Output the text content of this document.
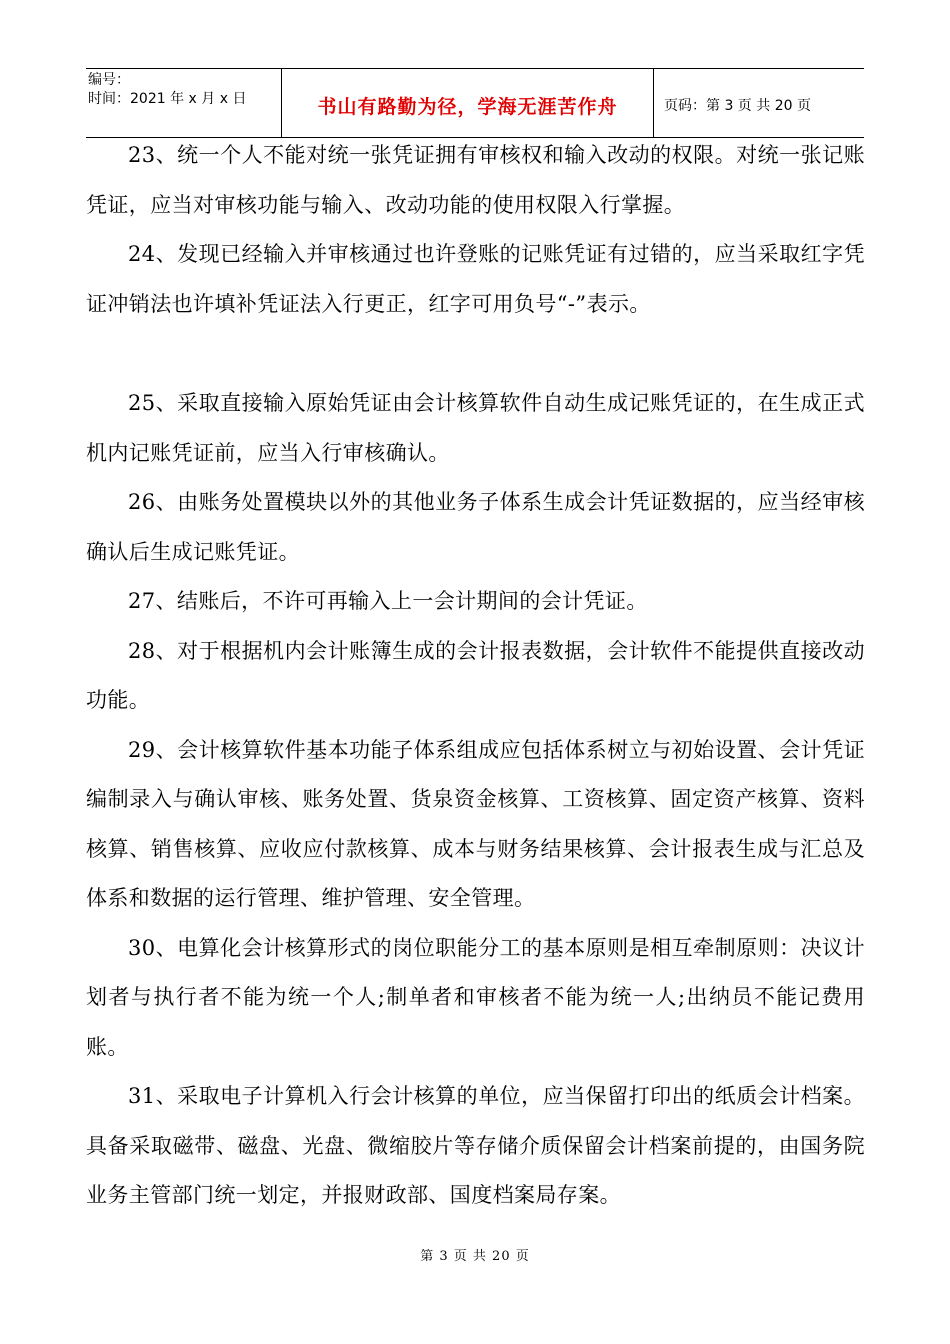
编号：
时间：2021 年 x 月 x 日	书山有路勤为径，学海无涯苦作舟	页码：第 3 页 共 20 页

23、统一个人不能对统一张凭证拥有审核权和输入改动的权限。对统一张记账凭证，应当对审核功能与输入、改动功能的使用权限入行掌握。

24、发现已经输入并审核通过也许登账的记账凭证有过错的，应当采取红字凭证冲销法也许填补凭证法入行更正，红字可用负号“-”表示。

25、采取直接输入原始凭证由会计核算软件自动生成记账凭证的，在生成正式机内记账凭证前，应当入行审核确认。

26、由账务处置模块以外的其他业务子体系生成会计凭证数据的，应当经审核确认后生成记账凭证。

27、结账后，不许可再输入上一会计期间的会计凭证。

28、对于根据机内会计账簿生成的会计报表数据，会计软件不能提供直接改动功能。

29、会计核算软件基本功能子体系组成应包括体系树立与初始设置、会计凭证编制录入与确认审核、账务处置、货泉资金核算、工资核算、固定资产核算、资料核算、销售核算、应收应付款核算、成本与财务结果核算、会计报表生成与汇总及体系和数据的运行管理、维护管理、安全管理。

30、电算化会计核算形式的岗位职能分工的基本原则是相互牵制原则：决议计划者与执行者不能为统一个人;制单者和审核者不能为统一人;出纳员不能记费用账。

31、采取电子计算机入行会计核算的单位，应当保留打印出的纸质会计档案。具备采取磁带、磁盘、光盘、微缩胶片等存储介质保留会计档案前提的，由国务院业务主管部门统一划定，并报财政部、国度档案局存案。

第 3 页 共 20 页
